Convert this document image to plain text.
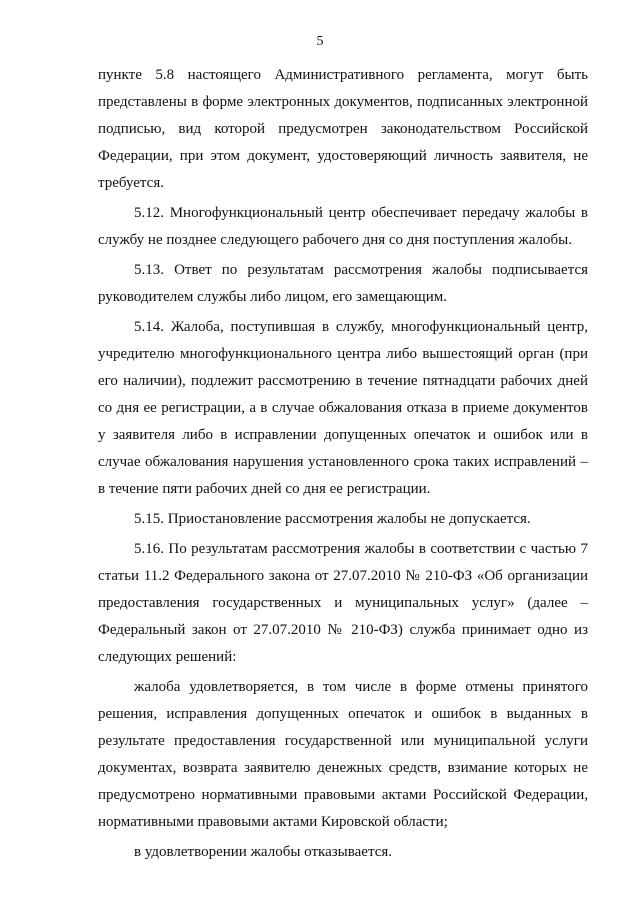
5

пункте 5.8 настоящего Административного регламента, могут быть представлены в форме электронных документов, подписанных электронной подписью, вид которой предусмотрен законодательством Российской Федерации, при этом документ, удостоверяющий личность заявителя, не требуется.

5.12. Многофункциональный центр обеспечивает передачу жалобы в службу не позднее следующего рабочего дня со дня поступления жалобы.

5.13. Ответ по результатам рассмотрения жалобы подписывается руководителем службы либо лицом, его замещающим.

5.14. Жалоба, поступившая в службу, многофункциональный центр, учредителю многофункционального центра либо вышестоящий орган (при его наличии), подлежит рассмотрению в течение пятнадцати рабочих дней со дня ее регистрации, а в случае обжалования отказа в приеме документов у заявителя либо в исправлении допущенных опечаток и ошибок или в случае обжалования нарушения установленного срока таких исправлений – в течение пяти рабочих дней со дня ее регистрации.

5.15. Приостановление рассмотрения жалобы не допускается.

5.16. По результатам рассмотрения жалобы в соответствии с частью 7 статьи 11.2 Федерального закона от 27.07.2010 № 210-ФЗ «Об организации предоставления государственных и муниципальных услуг» (далее – Федеральный закон от 27.07.2010 № 210-ФЗ) служба принимает одно из следующих решений:

жалоба удовлетворяется, в том числе в форме отмены принятого решения, исправления допущенных опечаток и ошибок в выданных в результате предоставления государственной или муниципальной услуги документах, возврата заявителю денежных средств, взимание которых не предусмотрено нормативными правовыми актами Российской Федерации, нормативными правовыми актами Кировской области;

в удовлетворении жалобы отказывается.
